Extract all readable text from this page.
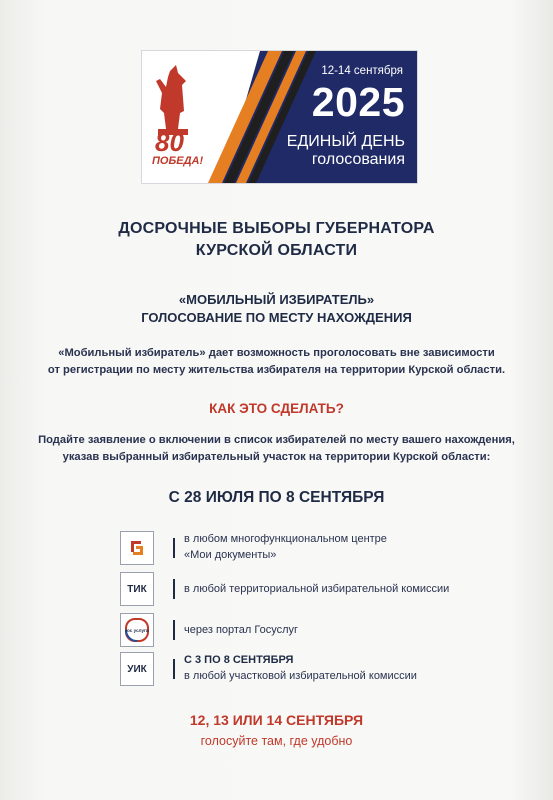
12-14 сентября
2025
ЕДИНЫЙ ДЕНЬ
голосования
80
ПОБЕДА!
ДОСРОЧНЫЕ ВЫБОРЫ ГУБЕРНАТОРА
КУРСКОЙ ОБЛАСТИ
«МОБИЛЬНЫЙ ИЗБИРАТЕЛЬ»
ГОЛОСОВАНИЕ ПО МЕСТУ НАХОЖДЕНИЯ
«Мобильный избиратель» дает возможность проголосовать вне зависимости
от регистрации по месту жительства избирателя на территории Курской области.
КАК ЭТО СДЕЛАТЬ?
Подайте заявление о включении в список избирателей по месту вашего нахождения,
указав выбранный избирательный участок на территории Курской области:
С 28 ИЮЛЯ ПО 8 СЕНТЯБРЯ
в любом многофункциональном центре
«Мои документы»
ТИК	в любой территориальной избирательной комиссии
гос услуги	через портал Госуслуг
УИК
С 3 ПО 8 СЕНТЯБРЯ
в любой участковой избирательной комиссии
12, 13 ИЛИ 14 СЕНТЯБРЯ
голосуйте там, где удобно
